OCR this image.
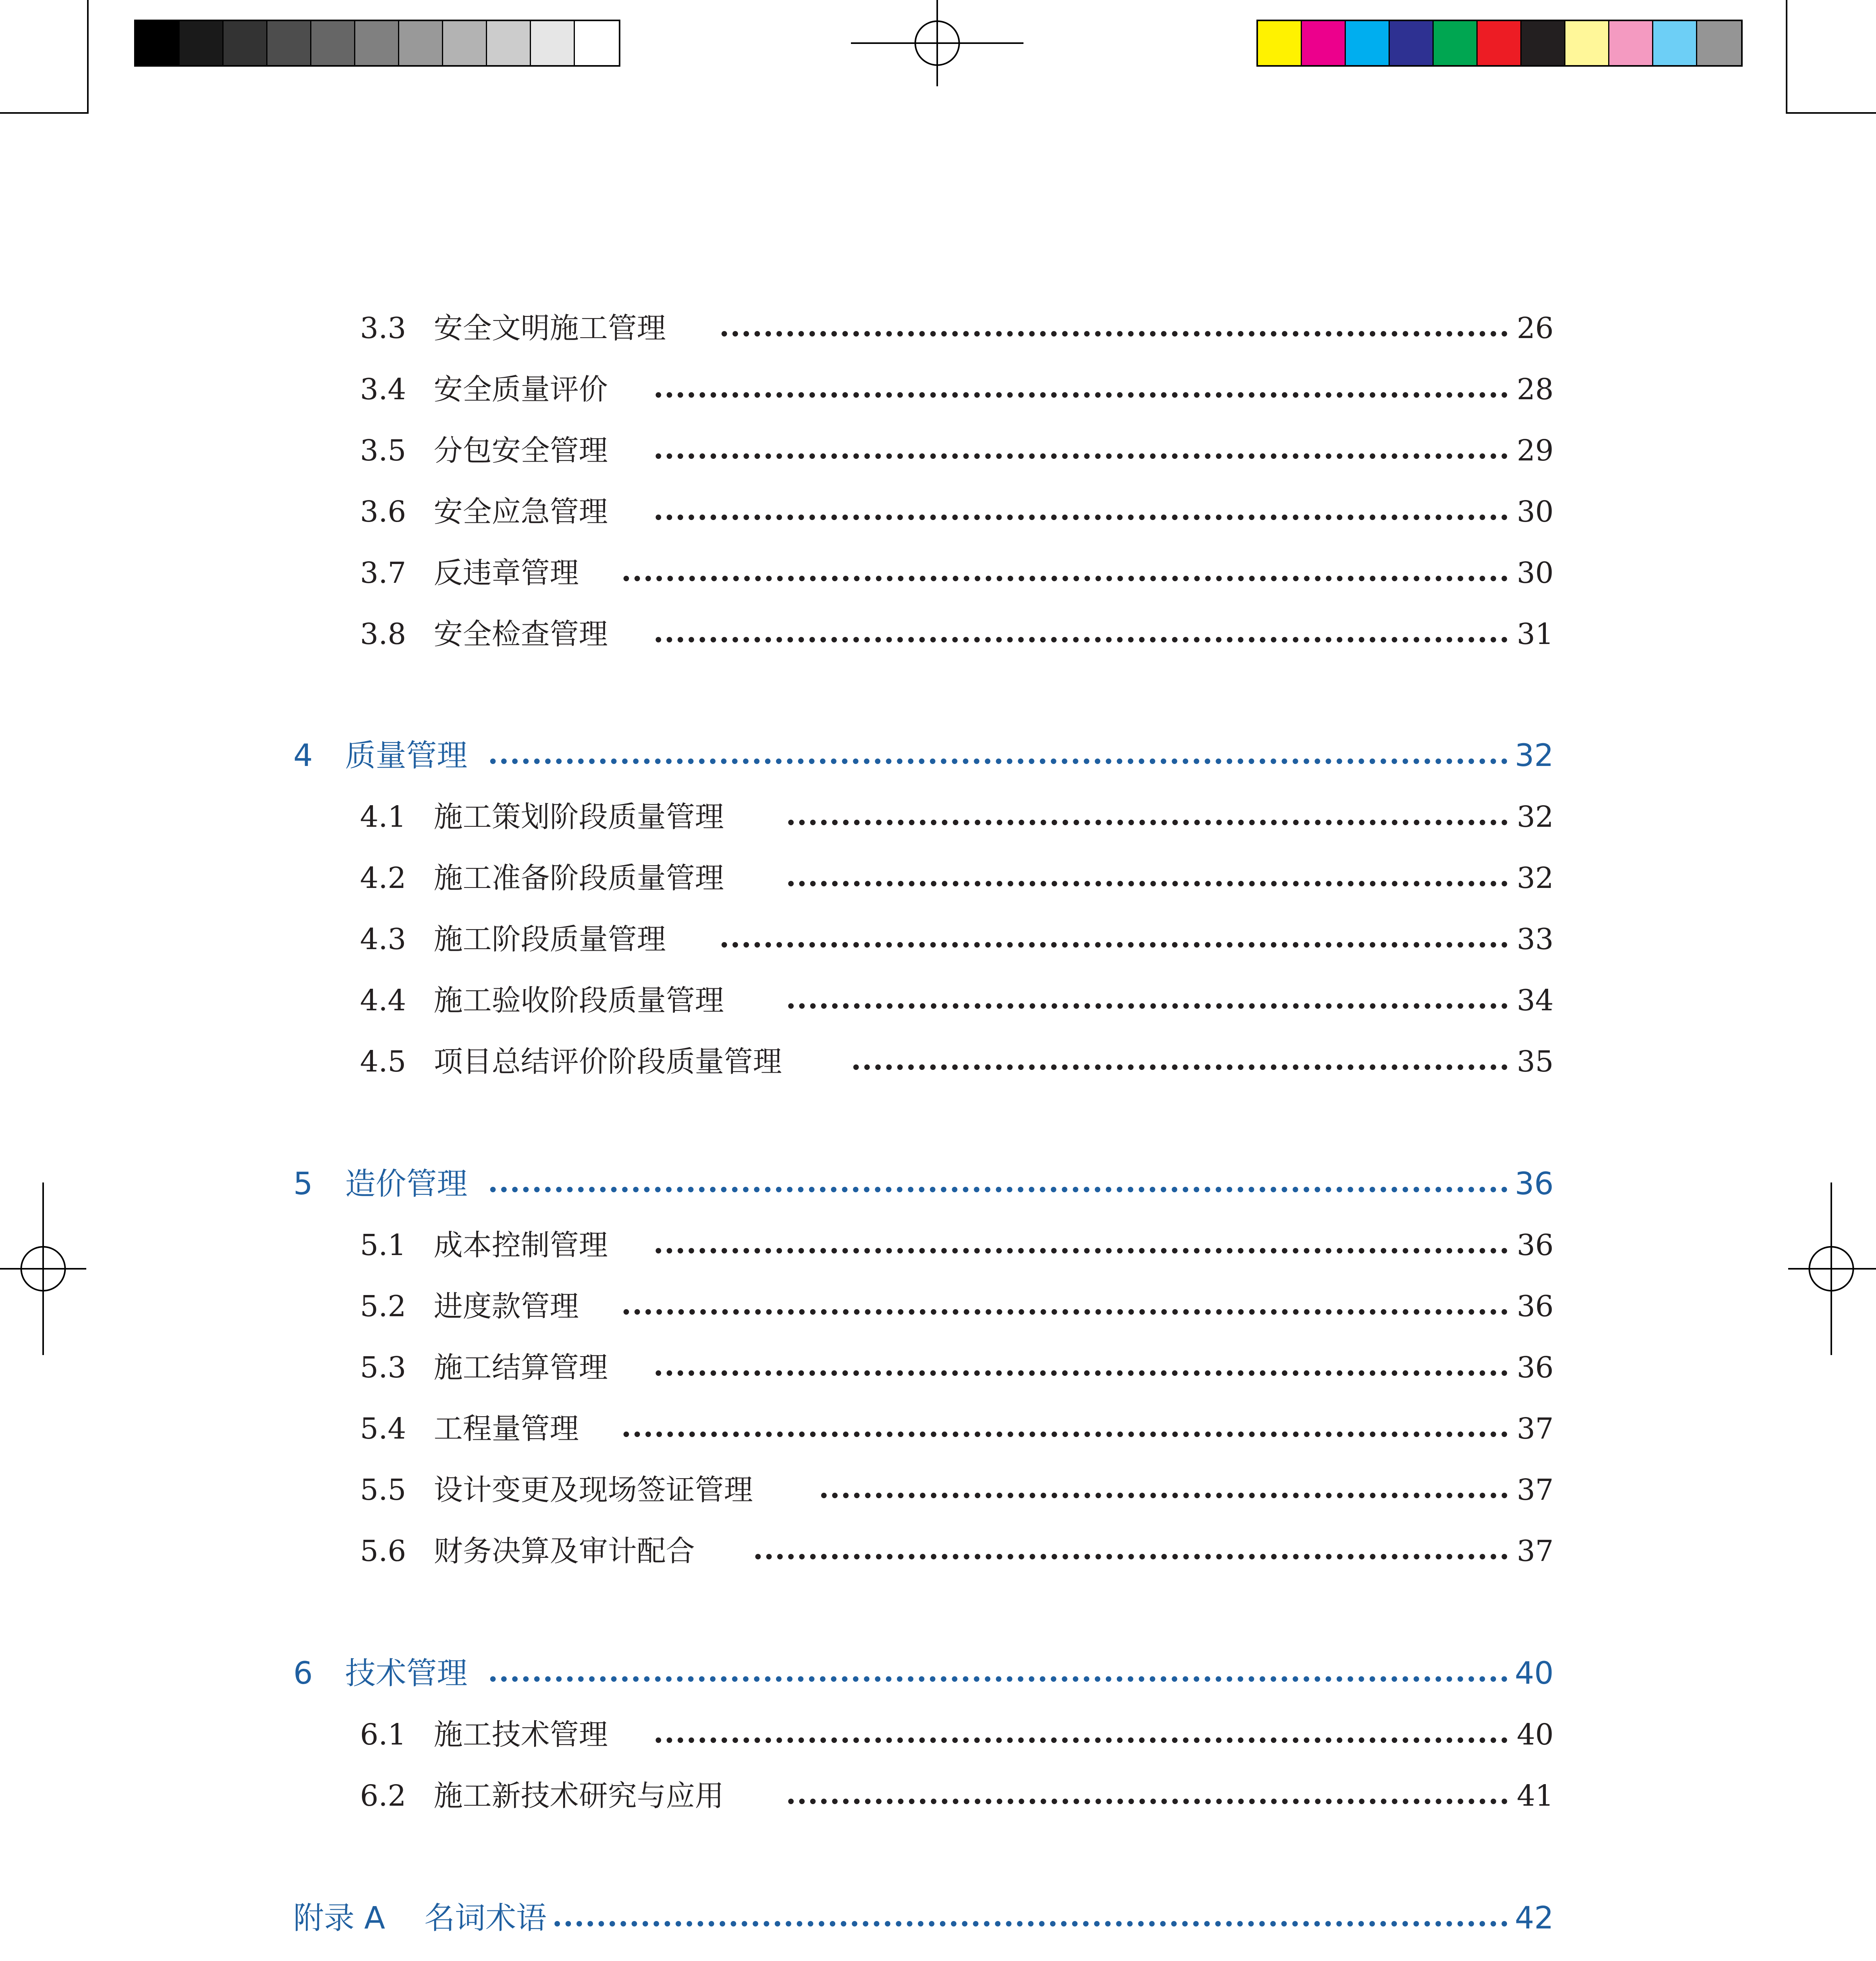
3.3 安全文明施工管理	26
3.4 安全质量评价	28
3.5 分包安全管理	29
3.6 安全应急管理	30
3.7 反违章管理	30
3.8 安全检查管理	31
4 质量管理	32
4.1 施工策划阶段质量管理	32
4.2 施工准备阶段质量管理	32
4.3 施工阶段质量管理	33
4.4 施工验收阶段质量管理	34
4.5 项目总结评价阶段质量管理	35
5 造价管理	36
5.1 成本控制管理	36
5.2 进度款管理	36
5.3 施工结算管理	36
5.4 工程量管理	37
5.5 设计变更及现场签证管理	37
5.6 财务决算及审计配合	37
6 技术管理	40
6.1 施工技术管理	40
6.2 施工新技术研究与应用	41
附录 A 名词术语	42
